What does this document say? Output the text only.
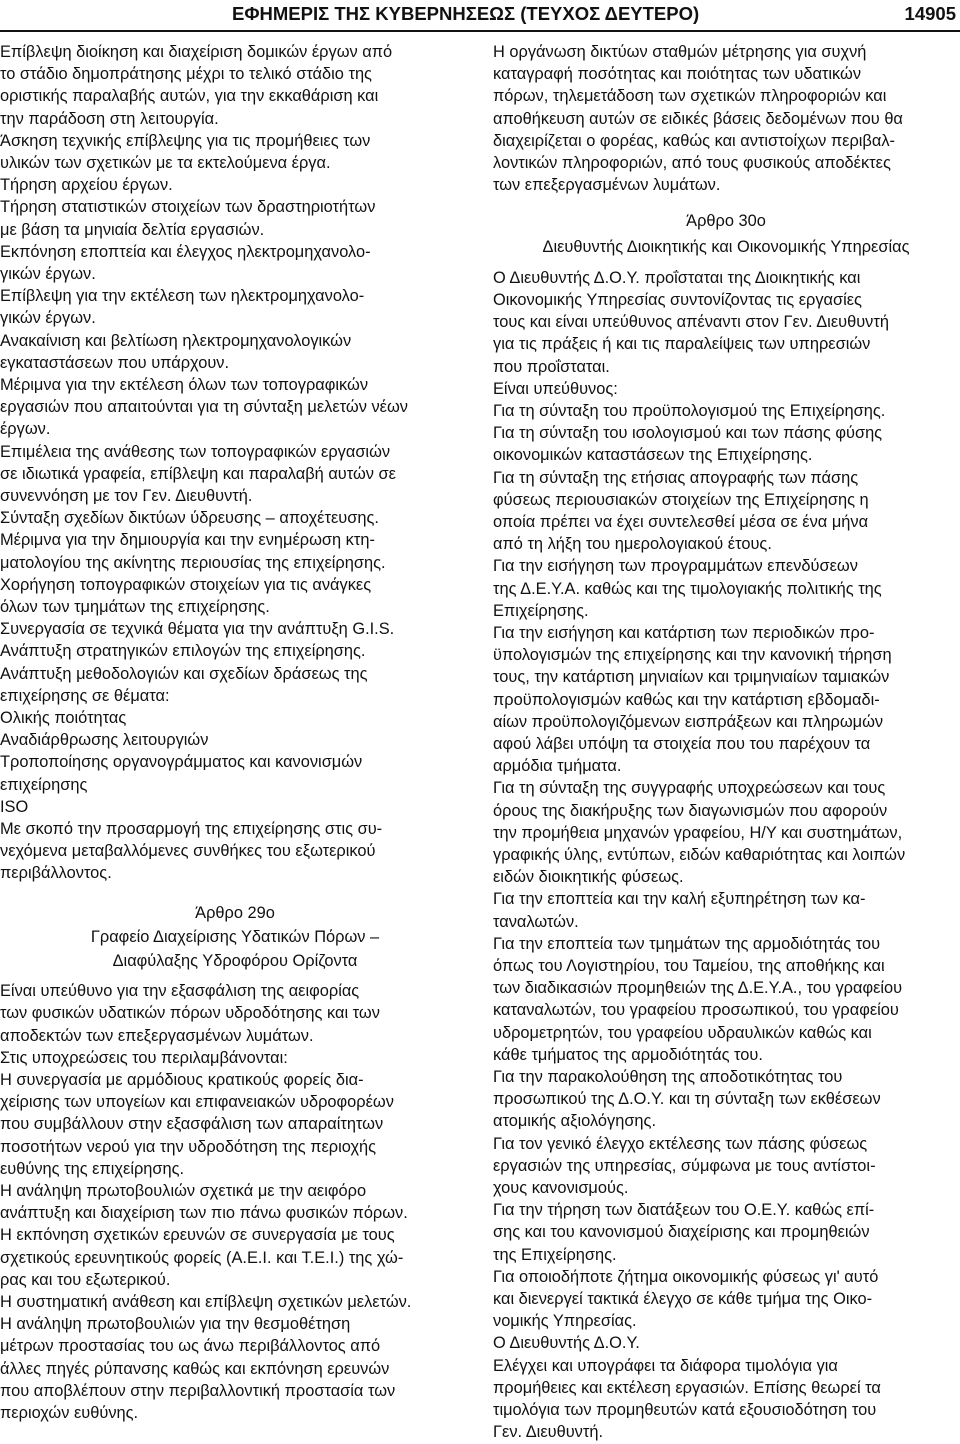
ΕΦΗΜΕΡΙΣ ΤΗΣ ΚΥΒΕΡΝΗΣΕΩΣ (ΤΕΥΧΟΣ ΔΕΥΤΕΡΟ)	14905
Επίβλεψη διοίκηση και διαχείριση δομικών έργων από
το στάδιο δημοπράτησης μέχρι το τελικό στάδιο της
οριστικής παραλαβής αυτών, για την εκκαθάριση και
την παράδοση στη λειτουργία.
Άσκηση τεχνικής επίβλεψης για τις προμήθειες των
υλικών των σχετικών με τα εκτελούμενα έργα.
Τήρηση αρχείου έργων.
Τήρηση στατιστικών στοιχείων των δραστηριοτήτων
με βάση τα μηνιαία δελτία εργασιών.
Εκπόνηση εποπτεία και έλεγχος ηλεκτρομηχανολο-
γικών έργων.
Επίβλεψη για την εκτέλεση των ηλεκτρομηχανολο-
γικών έργων.
Ανακαίνιση και βελτίωση ηλεκτρομηχανολογικών
εγκαταστάσεων που υπάρχουν.
Μέριμνα για την εκτέλεση όλων των τοπογραφικών
εργασιών που απαιτούνται για τη σύνταξη μελετών νέων
έργων.
Επιμέλεια της ανάθεσης των τοπογραφικών εργασιών
σε ιδιωτικά γραφεία, επίβλεψη και παραλαβή αυτών σε
συνεννόηση με τον Γεν. Διευθυντή.
Σύνταξη σχεδίων δικτύων ύδρευσης – αποχέτευσης.
Μέριμνα για την δημιουργία και την ενημέρωση κτη-
ματολογίου της ακίνητης περιουσίας της επιχείρησης.
Χορήγηση τοπογραφικών στοιχείων για τις ανάγκες
όλων των τμημάτων της επιχείρησης.
Συνεργασία σε τεχνικά θέματα για την ανάπτυξη G.I.S.
Ανάπτυξη στρατηγικών επιλογών της επιχείρησης.
Ανάπτυξη μεθοδολογιών και σχεδίων δράσεως της
επιχείρησης σε θέματα:
Ολικής ποιότητας
Αναδιάρθρωσης λειτουργιών
Τροποποίησης οργανογράμματος και κανονισμών
επιχείρησης
ISO
Με σκοπό την προσαρμογή της επιχείρησης στις συ-
νεχόμενα μεταβαλλόμενες συνθήκες του εξωτερικού
περιβάλλοντος.
Άρθρο 29ο
Γραφείο Διαχείρισης Υδατικών Πόρων –
Διαφύλαξης Υδροφόρου Ορίζοντα
Είναι υπεύθυνο για την εξασφάλιση της αειφορίας
των φυσικών υδατικών πόρων υδροδότησης και των
αποδεκτών των επεξεργασμένων λυμάτων.
Στις υποχρεώσεις του περιλαμβάνονται:
Η συνεργασία με αρμόδιους κρατικούς φορείς δια-
χείρισης των υπογείων και επιφανειακών υδροφορέων
που συμβάλλουν στην εξασφάλιση των απαραίτητων
ποσοτήτων νερού για την υδροδότηση της περιοχής
ευθύνης της επιχείρησης.
Η ανάληψη πρωτοβουλιών σχετικά με την αειφόρο
ανάπτυξη και διαχείριση των πιο πάνω φυσικών πόρων.
Η εκπόνηση σχετικών ερευνών σε συνεργασία με τους
σχετικούς ερευνητικούς φορείς (Α.Ε.Ι. και Τ.Ε.Ι.) της χώ-
ρας και του εξωτερικού.
Η συστηματική ανάθεση και επίβλεψη σχετικών μελετών.
Η ανάληψη πρωτοβουλιών για την θεσμοθέτηση
μέτρων προστασίας του ως άνω περιβάλλοντος από
άλλες πηγές ρύπανσης καθώς και εκπόνηση ερευνών
που αποβλέπουν στην περιβαλλοντική προστασία των
περιοχών ευθύνης.
Η οργάνωση δικτύων σταθμών μέτρησης για συχνή
καταγραφή ποσότητας και ποιότητας των υδατικών
πόρων, τηλεμετάδοση των σχετικών πληροφοριών και
αποθήκευση αυτών σε ειδικές βάσεις δεδομένων που θα
διαχειρίζεται ο φορέας, καθώς και αντιστοίχων περιβαλ-
λοντικών πληροφοριών, από τους φυσικούς αποδέκτες
των επεξεργασμένων λυμάτων.
Άρθρο 30ο
Διευθυντής Διοικητικής και Οικονομικής Υπηρεσίας
Ο Διευθυντής Δ.Ο.Υ. προΐσταται της Διοικητικής και
Οικονομικής Υπηρεσίας συντονίζοντας τις εργασίες
τους και είναι υπεύθυνος απέναντι στον Γεν. Διευθυντή
για τις πράξεις ή και τις παραλείψεις των υπηρεσιών
που προΐσταται.
Είναι υπεύθυνος:
Για τη σύνταξη του προϋπολογισμού της Επιχείρησης.
Για τη σύνταξη του ισολογισμού και των πάσης φύσης
οικονομικών καταστάσεων της Επιχείρησης.
Για τη σύνταξη της ετήσιας απογραφής των πάσης
φύσεως περιουσιακών στοιχείων της Επιχείρησης η
οποία πρέπει να έχει συντελεσθεί μέσα σε ένα μήνα
από τη λήξη του ημερολογιακού έτους.
Για την εισήγηση των προγραμμάτων επενδύσεων
της Δ.Ε.Υ.Α. καθώς και της τιμολογιακής πολιτικής της
Επιχείρησης.
Για την εισήγηση και κατάρτιση των περιοδικών προ-
ϋπολογισμών της επιχείρησης και την κανονική τήρηση
τους, την κατάρτιση μηνιαίων και τριμηνιαίων ταμιακών
προϋπολογισμών καθώς και την κατάρτιση εβδομαδι-
αίων προϋπολογιζόμενων εισπράξεων και πληρωμών
αφού λάβει υπόψη τα στοιχεία που του παρέχουν τα
αρμόδια τμήματα.
Για τη σύνταξη της συγγραφής υποχρεώσεων και τους
όρους της διακήρυξης των διαγωνισμών που αφορούν
την προμήθεια μηχανών γραφείου, Η/Υ και συστημάτων,
γραφικής ύλης, εντύπων, ειδών καθαριότητας και λοιπών
ειδών διοικητικής φύσεως.
Για την εποπτεία και την καλή εξυπηρέτηση των κα-
ταναλωτών.
Για την εποπτεία των τμημάτων της αρμοδιότητάς του
όπως του Λογιστηρίου, του Ταμείου, της αποθήκης και
των διαδικασιών προμηθειών της Δ.Ε.Υ.Α., του γραφείου
καταναλωτών, του γραφείου προσωπικού, του γραφείου
υδρομετρητών, του γραφείου υδραυλικών καθώς και
κάθε τμήματος της αρμοδιότητάς του.
Για την παρακολούθηση της αποδοτικότητας του
προσωπικού της Δ.Ο.Υ. και τη σύνταξη των εκθέσεων
ατομικής αξιολόγησης.
Για τον γενικό έλεγχο εκτέλεσης των πάσης φύσεως
εργασιών της υπηρεσίας, σύμφωνα με τους αντίστοι-
χους κανονισμούς.
Για την τήρηση των διατάξεων του Ο.Ε.Υ. καθώς επί-
σης και του κανονισμού διαχείρισης και προμηθειών
της Επιχείρησης.
Για οποιοδήποτε ζήτημα οικονομικής φύσεως γι' αυτό
και διενεργεί τακτικά έλεγχο σε κάθε τμήμα της Οικο-
νομικής Υπηρεσίας.
Ο Διευθυντής Δ.Ο.Υ.
Ελέγχει και υπογράφει τα διάφορα τιμολόγια για
προμήθειες και εκτέλεση εργασιών. Επίσης θεωρεί τα
τιμολόγια των προμηθευτών κατά εξουσιοδότηση του
Γεν. Διευθυντή.
